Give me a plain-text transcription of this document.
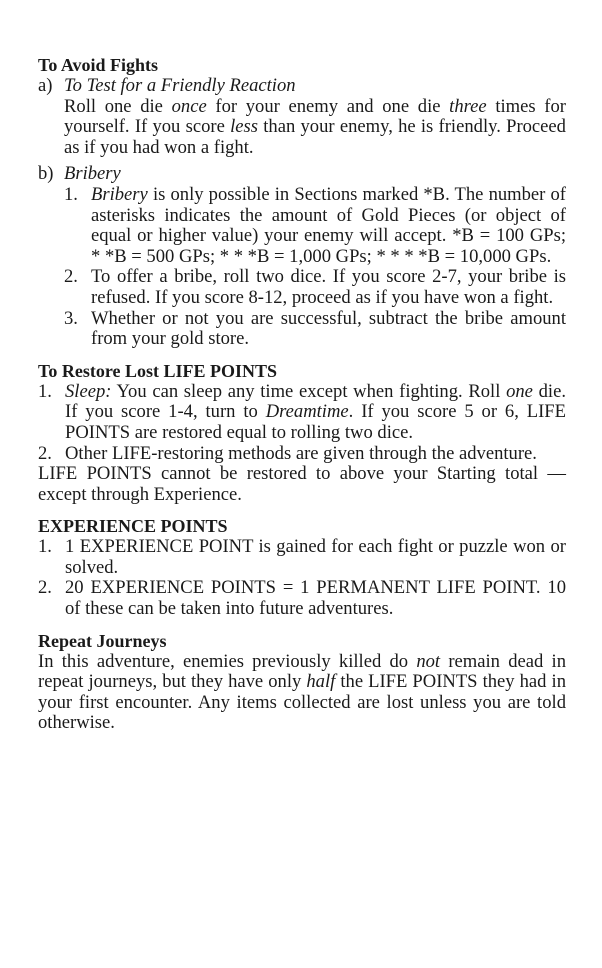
To Avoid Fights

a) To Test for a Friendly Reaction

Roll one die once for your enemy and one die three times for yourself. If you score less than your enemy, he is friendly. Proceed as if you had won a fight.

b) Bribery
1. Bribery is only possible in Sections marked *B. The number of asterisks indicates the amount of Gold Pieces (or object of equal or higher value) your enemy will accept. *B = 100 GPs; * *B = 500 GPs; * * *B = 1,000 GPs; * * * *B = 10,000 GPs.
2. To offer a bribe, roll two dice. If you score 2-7, your bribe is refused. If you score 8-12, proceed as if you have won a fight.
3. Whether or not you are successful, subtract the bribe amount from your gold store.

To Restore Lost LIFE POINTS

1. Sleep: You can sleep any time except when fighting. Roll one die. If you score 1-4, turn to Dreamtime. If you score 5 or 6, LIFE POINTS are restored equal to rolling two dice.
2. Other LIFE-restoring methods are given through the adventure.

LIFE POINTS cannot be restored to above your Starting total — except through Experience.

EXPERIENCE POINTS

1. 1 EXPERIENCE POINT is gained for each fight or puzzle won or solved.
2. 20 EXPERIENCE POINTS = 1 PERMANENT LIFE POINT. 10 of these can be taken into future adventures.

Repeat Journeys

In this adventure, enemies previously killed do not remain dead in repeat journeys, but they have only half the LIFE POINTS they had in your first encounter. Any items collected are lost unless you are told otherwise.
